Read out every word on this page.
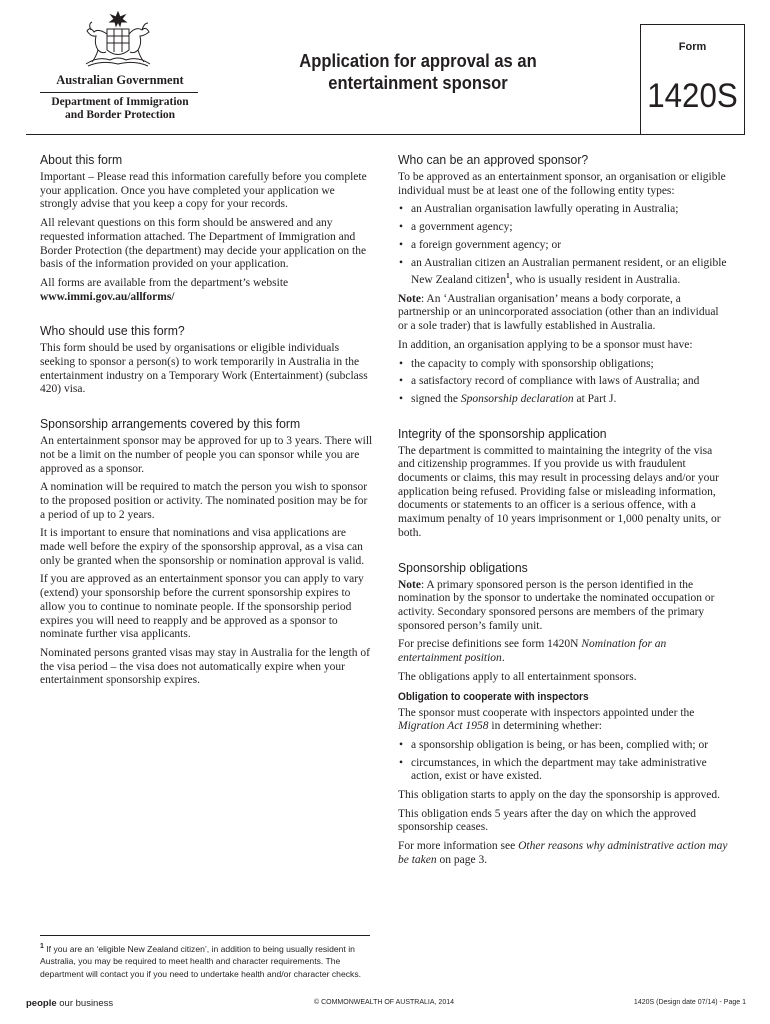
Australian Government
Department of Immigration
and Border Protection
Application for approval as an
entertainment sponsor
Form
1420S
About this form

Important – Please read this information carefully before you complete your application. Once you have completed your application we strongly advise that you keep a copy for your records.

All relevant questions on this form should be answered and any requested information attached. The Department of Immigration and Border Protection (the department) may decide your application on the basis of the information provided on your application.

All forms are available from the department’s website
www.immi.gov.au/allforms/

Who should use this form?

This form should be used by organisations or eligible individuals seeking to sponsor a person(s) to work temporarily in Australia in the entertainment industry on a Temporary Work (Entertainment) (subclass 420) visa.

Sponsorship arrangements covered by this form

An entertainment sponsor may be approved for up to 3 years. There will not be a limit on the number of people you can sponsor while you are approved as a sponsor.

A nomination will be required to match the person you wish to sponsor to the proposed position or activity. The nominated position may be for a period of up to 2 years.

It is important to ensure that nominations and visa applications are made well before the expiry of the sponsorship approval, as a visa can only be granted when the sponsorship or nomination approval is valid.

If you are approved as an entertainment sponsor you can apply to vary (extend) your sponsorship before the current sponsorship expires to allow you to continue to nominate people. If the sponsorship period expires you will need to reapply and be approved as a sponsor to nominate further visa applicants.

Nominated persons granted visas may stay in Australia for the length of the visa period – the visa does not automatically expire when your entertainment sponsorship expires.

Who can be an approved sponsor?

To be approved as an entertainment sponsor, an organisation or eligible individual must be at least one of the following entity types:

• an Australian organisation lawfully operating in Australia;
• a government agency;
• a foreign government agency; or
• an Australian citizen an Australian permanent resident, or an eligible New Zealand citizen$^1$, who is usually resident in Australia.

Note: An ‘Australian organisation’ means a body corporate, a partnership or an unincorporated association (other than an individual or a sole trader) that is lawfully established in Australia.

In addition, an organisation applying to be a sponsor must have:

• the capacity to comply with sponsorship obligations;
• a satisfactory record of compliance with laws of Australia; and
• signed the Sponsorship declaration at Part J.
Integrity of the sponsorship application

The department is committed to maintaining the integrity of the visa and citizenship programmes. If you provide us with fraudulent documents or claims, this may result in processing delays and/or your application being refused. Providing false or misleading information, documents or statements to an officer is a serious offence, with a maximum penalty of 10 years imprisonment or 1,000 penalty units, or both.

Sponsorship obligations

Note: A primary sponsored person is the person identified in the nomination by the sponsor to undertake the nominated occupation or activity. Secondary sponsored persons are members of the primary sponsored person’s family unit.

For precise definitions see form 1420N Nomination for an entertainment position.

The obligations apply to all entertainment sponsors.

Obligation to cooperate with inspectors

The sponsor must cooperate with inspectors appointed under the Migration Act 1958 in determining whether:

• a sponsorship obligation is being, or has been, complied with; or
• circumstances, in which the department may take administrative action, exist or have existed.

This obligation starts to apply on the day the sponsorship is approved.

This obligation ends 5 years after the day on which the approved sponsorship ceases.

For more information see Other reasons why administrative action may be taken on page 3.

$^1$ If you are an ‘eligible New Zealand citizen’, in addition to being usually resident in Australia, you may be required to meet health and character requirements. The department will contact you if you need to undertake health and/or character checks.
people our business	© COMMONWEALTH OF AUSTRALIA, 2014	1420S (Design date 07/14) - Page 1
